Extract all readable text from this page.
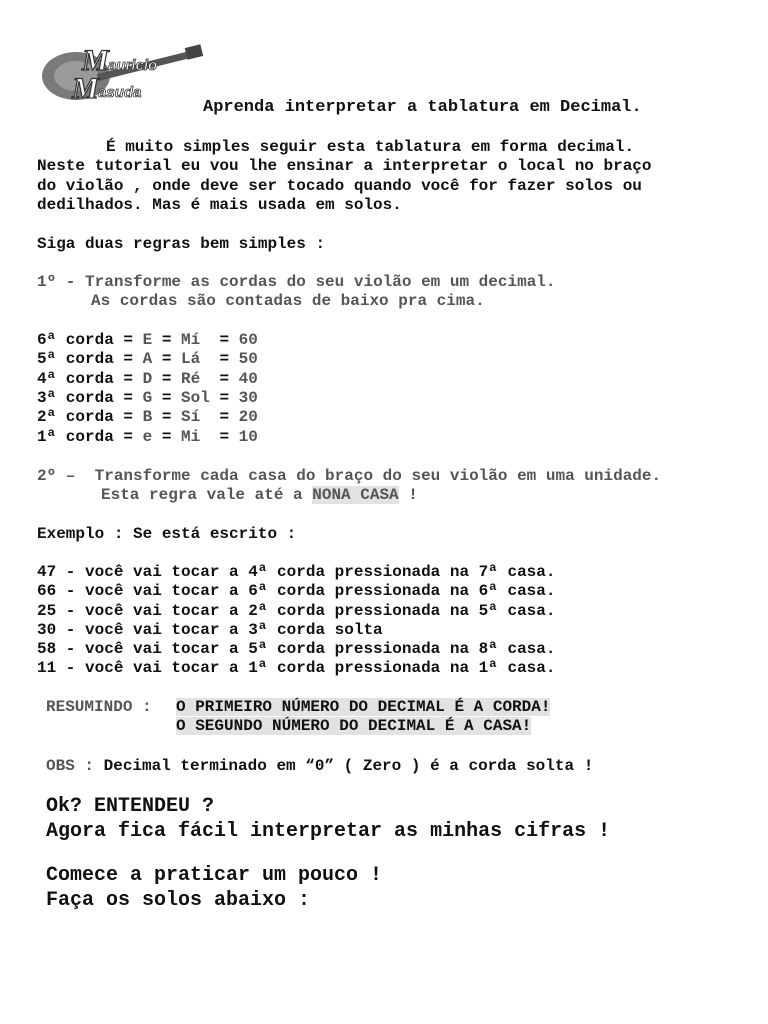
M auricio
M asuda
Aprenda interpretar a tablatura em Decimal.
É muito simples seguir esta tablatura em forma decimal.
Neste tutorial eu vou lhe ensinar a interpretar o local no braço
do violão , onde deve ser tocado quando você for fazer solos ou
dedilhados. Mas é mais usada em solos.
Siga duas regras bem simples :
1º - Transforme as cordas do seu violão em um decimal.
As cordas são contadas de baixo pra cima.
6ª corda = E = Mí  = 60
5ª corda = A = Lá  = 50
4ª corda = D = Ré  = 40
3ª corda = G = Sol = 30
2ª corda = B = Sí  = 20
1ª corda = e = Mi  = 10
2º –  Transforme cada casa do braço do seu violão em uma unidade.
Esta regra vale até a NONA CASA !
Exemplo : Se está escrito :
47 - você vai tocar a 4ª corda pressionada na 7ª casa.
66 - você vai tocar a 6ª corda pressionada na 6ª casa.
25 - você vai tocar a 2ª corda pressionada na 5ª casa.
30 - você vai tocar a 3ª corda solta
58 - você vai tocar a 5ª corda pressionada na 8ª casa.
11 - você vai tocar a 1ª corda pressionada na 1ª casa.
RESUMINDO : O PRIMEIRO NÚMERO DO DECIMAL É A CORDA!
O SEGUNDO NÚMERO DO DECIMAL É A CASA!
OBS : Decimal terminado em “0” ( Zero ) é a corda solta !
Ok? ENTENDEU ?
Agora fica fácil interpretar as minhas cifras !
Comece a praticar um pouco !
Faça os solos abaixo :
